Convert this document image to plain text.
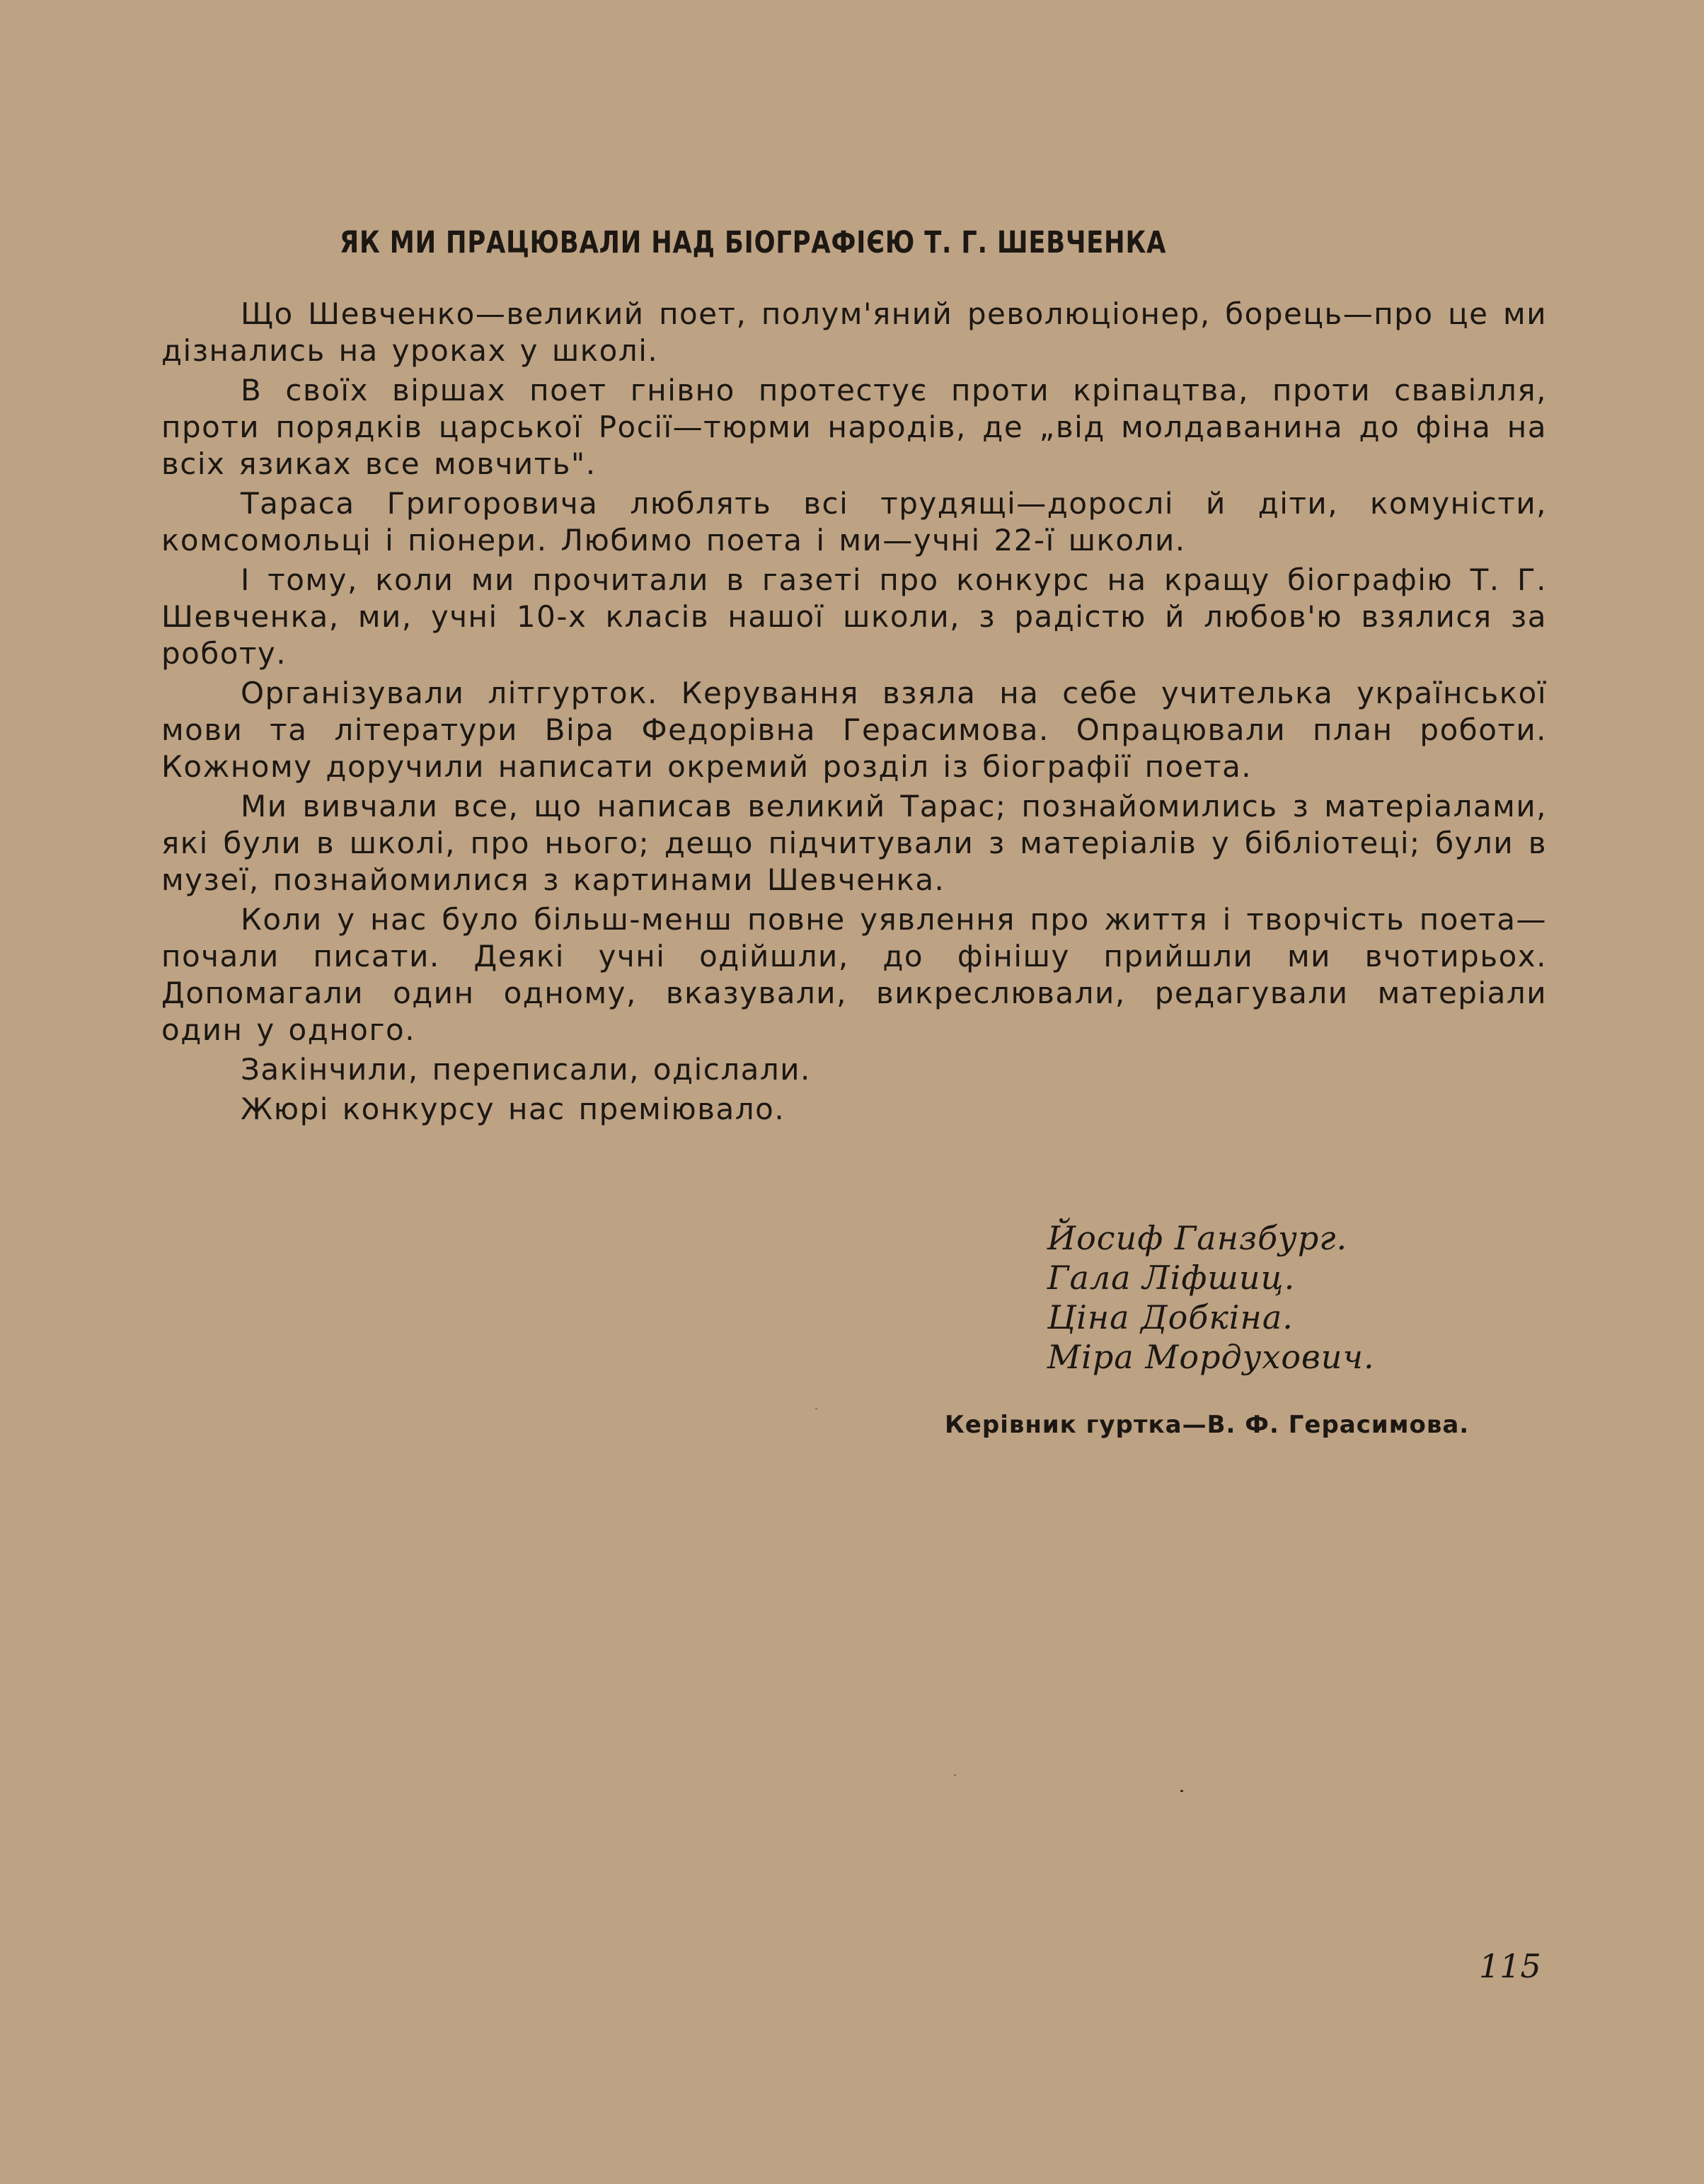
ЯК МИ ПРАЦЮВАЛИ НАД БІОГРАФІЄЮ Т. Г. ШЕВЧЕНКА

Що Шевченко—великий поет, полум'яний революціонер, борець—про це ми дізнались на уроках у школі.

В своїх віршах поет гнівно протестує проти кріпацтва, проти свавілля, проти порядків царської Росії—тюрми народів, де „від молдаванина до фіна на всіх язиках все мовчить".

Тараса Григоровича люблять всі трудящі—дорослі й діти, комуністи, комсомольці і піонери. Любимо поета і ми—учні 22-ї школи.

І тому, коли ми прочитали в газеті про конкурс на кращу біографію Т. Г. Шевченка, ми, учні 10-х класів нашої школи, з радістю й любов'ю взялися за роботу.

Організували літгурток. Керування взяла на себе учителька української мови та літератури Віра Федорівна Герасимова. Опрацювали план роботи. Кожному доручили написати окремий розділ із біографії поета.

Ми вивчали все, що написав великий Тарас; познайомились з матеріалами, які були в школі, про нього; дещо підчитували з матеріалів у бібліотеці; були в музеї, познайомилися з картинами Шевченка.

Коли у нас було більш-менш повне уявлення про життя і творчість поета—почали писати. Деякі учні одійшли, до фінішу прийшли ми вчотирьох. Допомагали один одному, вказували, викреслювали, редагували матеріали один у одного.

Закінчили, переписали, одіслали.

Жюрі конкурсу нас преміювало.

Йосиф Ганзбург.
Гала Ліфшиц.
Ціна Добкіна.
Міра Мордухович.
Керівник гуртка—В. Ф. Герасимова.
115
